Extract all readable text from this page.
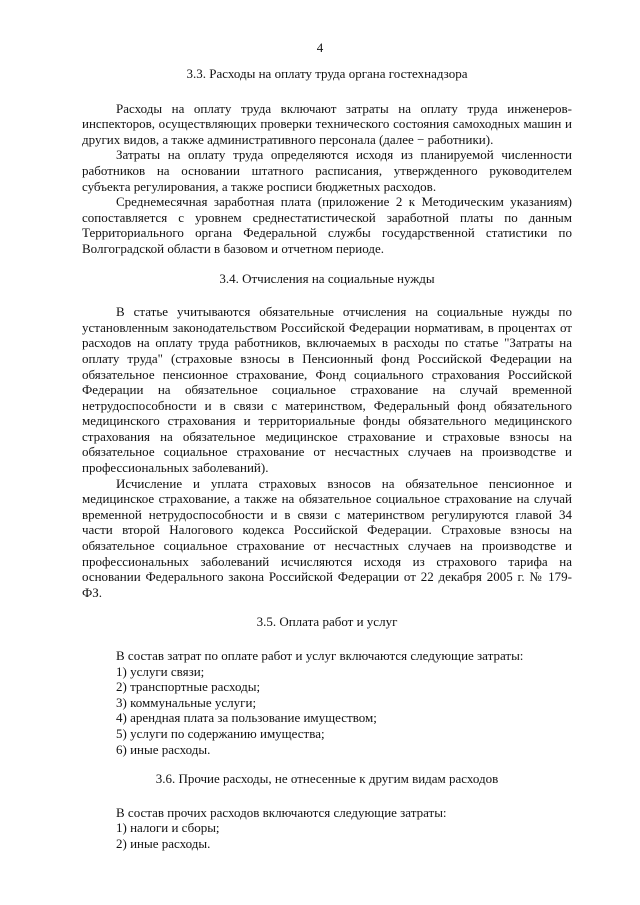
4
3.3. Расходы на оплату труда органа гостехнадзора

Расходы на оплату труда включают затраты на оплату труда инженеров-инспекторов, осуществляющих проверки технического состояния самоходных машин и других видов, а также административного персонала (далее − работники).

Затраты на оплату труда определяются исходя из планируемой численности работников на основании штатного расписания, утвержденного руководителем субъекта регулирования, а также росписи бюджетных расходов.

Среднемесячная заработная плата (приложение 2 к Методическим указаниям) сопоставляется с уровнем среднестатистической заработной платы по данным Территориального органа Федеральной службы государственной статистики по Волгоградской области в базовом и отчетном периоде.

3.4. Отчисления на социальные нужды

В статье учитываются обязательные отчисления на социальные нужды по установленным законодательством Российской Федерации нормативам, в процентах от расходов на оплату труда работников, включаемых в расходы по статье "Затраты на оплату труда" (страховые взносы в Пенсионный фонд Российской Федерации на обязательное пенсионное страхование, Фонд социального страхования Российской Федерации на обязательное социальное страхование на случай временной нетрудоспособности и в связи с материнством, Федеральный фонд обязательного медицинского страхования и территориальные фонды обязательного медицинского страхования на обязательное медицинское страхование и страховые взносы на обязательное социальное страхование от несчастных случаев на производстве и профессиональных заболеваний).

Исчисление и уплата страховых взносов на обязательное пенсионное и медицинское страхование, а также на обязательное социальное страхование на случай временной нетрудоспособности и в связи с материнством регулируются главой 34 части второй Налогового кодекса Российской Федерации. Страховые взносы на обязательное социальное страхование от несчастных случаев на производстве и профессиональных заболеваний исчисляются исходя из страхового тарифа на основании Федерального закона Российской Федерации от 22 декабря 2005 г. № 179-ФЗ.

3.5. Оплата работ и услуг

В состав затрат по оплате работ и услуг включаются следующие затраты:

1) услуги связи;
2) транспортные расходы;
3) коммунальные услуги;
4) арендная плата за пользование имуществом;
5) услуги по содержанию имущества;
6) иные расходы.
3.6. Прочие расходы, не отнесенные к другим видам расходов

В состав прочих расходов включаются следующие затраты:

1) налоги и сборы;
2) иные расходы.
